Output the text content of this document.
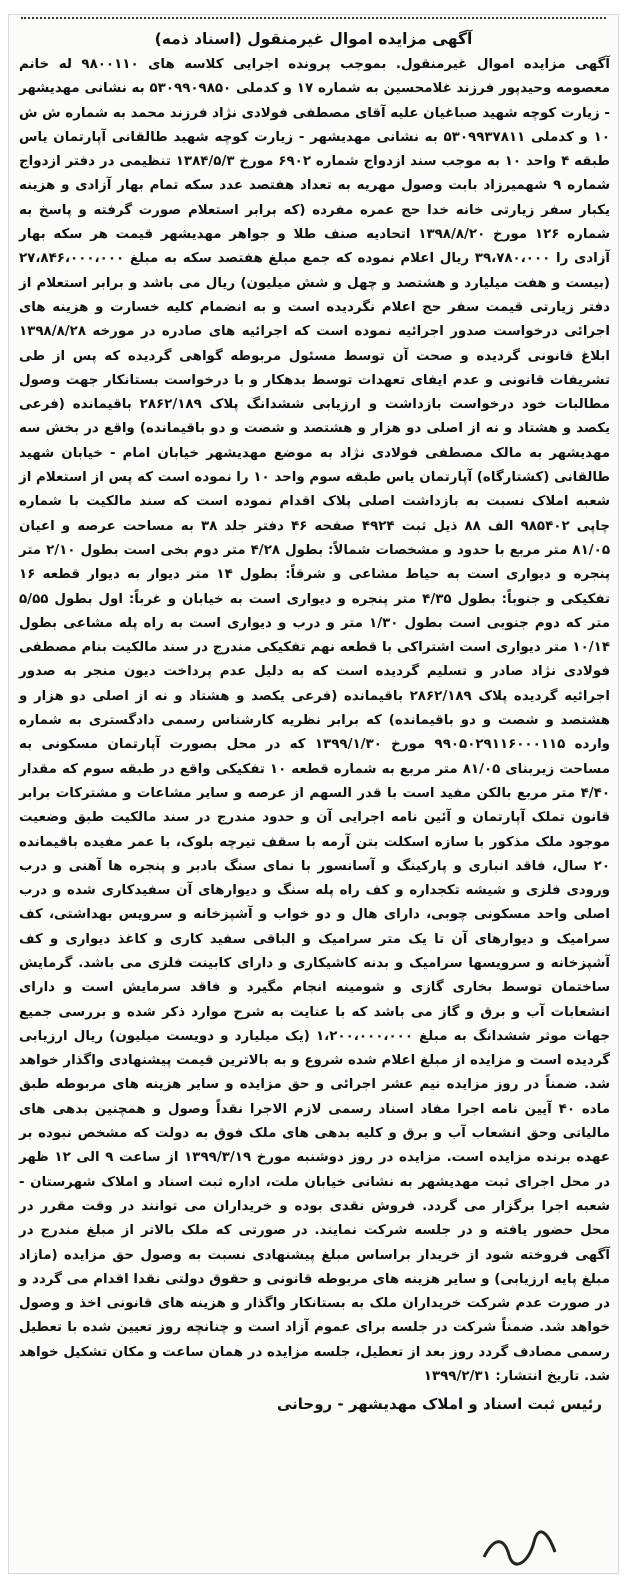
آگهی مزایده اموال غیرمنقول (اسناد ذمه)

آگهی مزایده اموال غیرمنقول. بموجب پرونده اجرایی کلاسه های ۹۸۰۰۱۱۰ له خانم معصومه وحیدپور فرزند غلامحسین به شماره ۱۷ و کدملی ۵۳۰۹۹۰۹۸۵۰ به نشانی مهدیشهر - زیارت کوچه شهید صباغیان علیه آقای مصطفی فولادی نژاد فرزند محمد به شماره ش ش ۱۰ و کدملی ۵۳۰۹۹۳۷۸۱۱ به نشانی مهدیشهر - زیارت کوچه شهید طالقانی آپارتمان یاس طبقه ۴ واحد ۱۰ به موجب سند ازدواج شماره ۶۹۰۲ مورخ ۱۳۸۴/۵/۳ تنظیمی در دفتر ازدواج شماره ۹ شهمیرزاد بابت وصول مهریه به تعداد هفتصد عدد سکه تمام بهار آزادی و هزینه یکبار سفر زیارتی خانه خدا حج عمره مفرده (که برابر استعلام صورت گرفته و پاسخ به شماره ۱۲۶ مورخ ۱۳۹۸/۸/۲۰ اتحادیه صنف طلا و جواهر مهدیشهر قیمت هر سکه بهار آزادی را ۳۹،۷۸۰،۰۰۰ ریال اعلام نموده که جمع مبلغ هفتصد سکه به مبلغ ۲۷،۸۴۶،۰۰۰،۰۰۰ (بیست و هفت میلیارد و هشتصد و چهل و شش میلیون) ریال می باشد و برابر استعلام از دفتر زیارتی قیمت سفر حج اعلام نگردیده است و به انضمام کلیه خسارت و هزینه های اجرائی درخواست صدور اجرائیه نموده است که اجرائیه های صادره در مورخه ۱۳۹۸/۸/۲۸ ابلاغ قانونی گردیده و صحت آن توسط مسئول مربوطه گواهی گردیده که پس از طی تشریفات قانونی و عدم ایفای تعهدات توسط بدهکار و با درخواست بستانکار جهت وصول مطالبات خود درخواست بازداشت و ارزیابی ششدانگ پلاک ۲۸۶۲/۱۸۹ باقیمانده (فرعی یکصد و هشتاد و نه از اصلی دو هزار و هشتصد و شصت و دو باقیمانده) واقع در بخش سه مهدیشهر به مالک مصطفی فولادی نژاد به موضع مهدیشهر خیابان امام - خیابان شهید طالقانی (کشتارگاه) آپارتمان یاس طبقه سوم واحد ۱۰ را نموده است که پس از استعلام از شعبه املاک نسبت به بازداشت اصلی پلاک اقدام نموده است که سند مالکیت با شماره چاپی ۹۸۵۴۰۲ الف ۸۸ ذیل ثبت ۴۹۲۴ صفحه ۴۶ دفتر جلد ۳۸ به مساحت عرصه و اعیان ۸۱/۰۵ متر مربع با حدود و مشخصات شمالاً: بطول ۴/۲۸ متر دوم بخی است بطول ۲/۱۰ متر پنجره و دیواری است به حیاط مشاعی و شرقاً: بطول ۱۴ متر دیوار به دیوار قطعه ۱۶ تفکیکی و جنوباً: بطول ۴/۳۵ متر پنجره و دیواری است به خیابان و غرباً: اول بطول ۵/۵۵ متر که دوم جنوبی است بطول ۱/۳۰ متر و درب و دیواری است به راه پله مشاعی بطول ۱۰/۱۴ متر دیواری است اشتراکی با قطعه نهم تفکیکی مندرج در سند مالکیت بنام مصطفی فولادی نژاد صادر و تسلیم گردیده است که به دلیل عدم پرداخت دیون منجر به صدور اجرائیه گردیده پلاک ۲۸۶۲/۱۸۹ باقیمانده (فرعی یکصد و هشتاد و نه از اصلی دو هزار و هشتصد و شصت و دو باقیمانده) که برابر نظریه کارشناس رسمی دادگستری به شماره وارده ۹۹۰۵۰۲۹۱۱۶۰۰۰۱۱۵ مورخ ۱۳۹۹/۱/۳۰ که در محل بصورت آپارتمان مسکونی به مساحت زیربنای ۸۱/۰۵ متر مربع به شماره قطعه ۱۰ تفکیکی واقع در طبقه سوم که مقدار ۴/۴۰ متر مربع بالکن مفید است با قدر السهم از عرصه و سایر مشاعات و مشترکات برابر قانون تملک آپارتمان و آئین نامه اجرایی آن و حدود مندرج در سند مالکیت طبق وضعیت موجود ملک مذکور با سازه اسکلت بتن آرمه با سقف تیرچه بلوک، با عمر مفیده باقیمانده ۲۰ سال، فاقد انباری و پارکینگ و آسانسور با نمای سنگ بادبر و پنجره ها آهنی و درب ورودی فلزی و شیشه تکجداره و کف راه پله سنگ و دیوارهای آن سفیدکاری شده و درب اصلی واحد مسکونی چوبی، دارای هال و دو خواب و آشپزخانه و سرویس بهداشتی، کف سرامیک و دیوارهای آن تا یک متر سرامیک و الباقی سفید کاری و کاغذ دیواری و کف آشپزخانه و سرویسها سرامیک و بدنه کاشیکاری و دارای کابینت فلزی می باشد. گرمایش ساختمان توسط بخاری گازی و شومینه انجام مگیرد و فاقد سرمایش است و دارای انشعابات آب و برق و گاز می باشد که با عنایت به شرح موارد ذکر شده و بررسی جمیع جهات موثر ششدانگ به مبلغ ۱،۲۰۰،۰۰۰،۰۰۰ (یک میلیارد و دویست میلیون) ریال ارزیابی گردیده است و مزایده از مبلغ اعلام شده شروع و به بالاترین قیمت پیشنهادی واگذار خواهد شد. ضمناً در روز مزایده نیم عشر اجرائی و حق مزایده و سایر هزینه های مربوطه طبق ماده ۴۰ آیین نامه اجرا مفاد اسناد رسمی لازم الاجرا نقداً وصول و همچنین بدهی های مالیاتی وحق انشعاب آب و برق و کلیه بدهی های ملک فوق به دولت که مشخص نبوده بر عهده برنده مزایده است. مزایده در روز دوشنبه مورخ ۱۳۹۹/۳/۱۹ از ساعت ۹ الی ۱۲ ظهر در محل اجرای ثبت مهدیشهر به نشانی خیابان ملت، اداره ثبت اسناد و املاک شهرستان - شعبه اجرا برگزار می گردد. فروش نقدی بوده و خریداران می توانند در وقت مقرر در محل حضور یافته و در جلسه شرکت نمایند. در صورتی که ملک بالاتر از مبلغ مندرج در آگهی فروخته شود از خریدار براساس مبلغ پیشنهادی نسبت به وصول حق مزایده (مازاد مبلغ پایه ارزیابی) و سایر هزینه های مربوطه قانونی و حقوق دولتی نقدا اقدام می گردد و در صورت عدم شرکت خریداران ملک به بستانکار واگذار و هزینه های قانونی اخذ و وصول خواهد شد. ضمناً شرکت در جلسه برای عموم آزاد است و چنانچه روز تعیین شده با تعطیل رسمی مصادف گردد روز بعد از تعطیل، جلسه مزایده در همان ساعت و مکان تشکیل خواهد شد. تاریخ انتشار: ۱۳۹۹/۲/۳۱

رئیس ثبت اسناد و املاک مهدیشهر - روحانی
